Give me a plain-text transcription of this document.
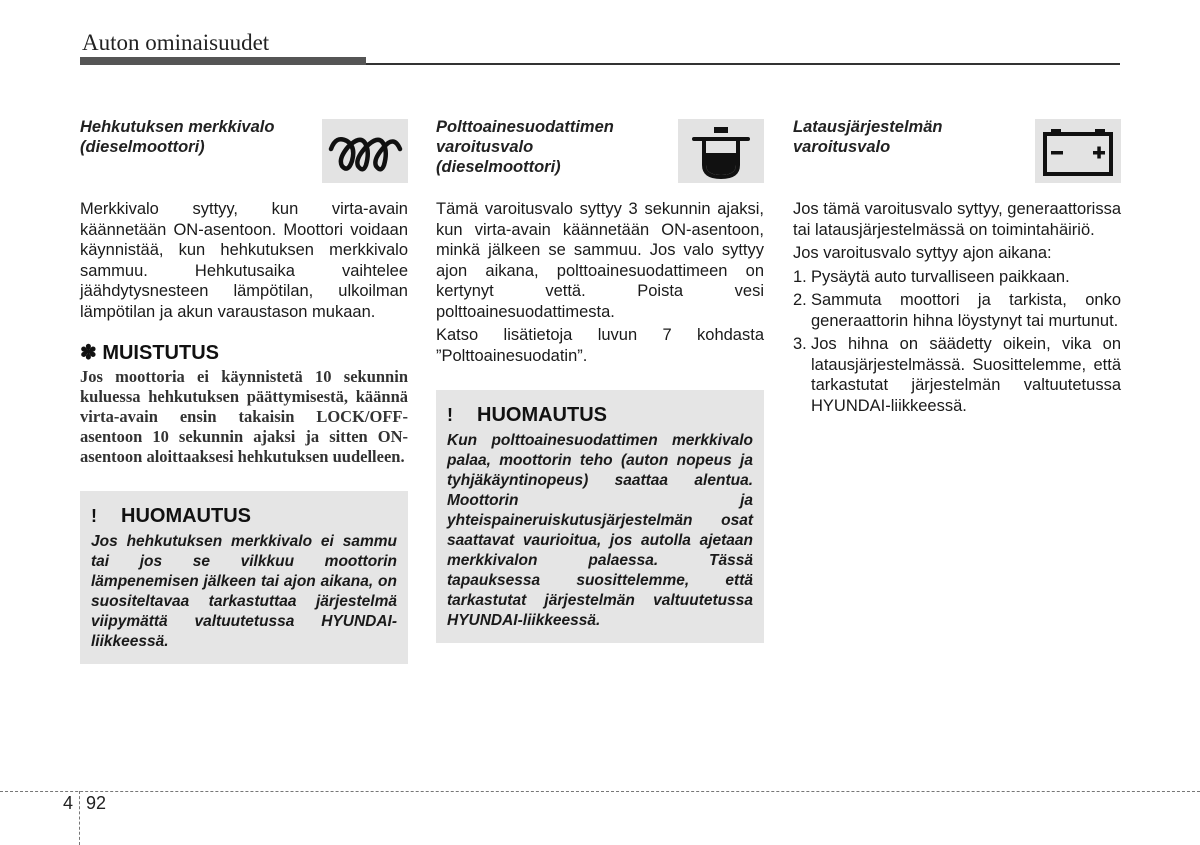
Auton ominaisuudet
Hehkutuksen merkkivalo (dieselmoottori)

Merkkivalo syttyy, kun virta-avain käännetään ON-asentoon. Moottori voidaan käynnistää, kun hehkutuksen merkkivalo sammuu. Hehkutusaika vaihtelee jäähdytysnesteen lämpötilan, ulkoilman lämpötilan ja akun varaustason mukaan.

✽ MUISTUTUS
Jos moottoria ei käynnistetä 10 sekunnin kuluessa hehkutuksen päättymisestä, käännä virta-avain ensin takaisin LOCK/OFF-asentoon 10 sekunnin ajaksi ja sitten ON-asentoon aloittaaksesi hehkutuksen uudelleen.
! HUOMAUTUS
Jos hehkutuksen merkkivalo ei sammu tai jos se vilkkuu moottorin lämpenemisen jälkeen tai ajon aikana, on suositeltavaa tarkastuttaa järjestelmä viipymättä valtuutetussa HYUNDAI-liikkeessä.
Polttoainesuodattimen varoitusvalo (dieselmoottori)

Tämä varoitusvalo syttyy 3 sekunnin ajaksi, kun virta-avain käännetään ON-asentoon, minkä jälkeen se sammuu. Jos valo syttyy ajon aikana, polttoainesuodattimeen on kertynyt vettä. Poista vesi polttoainesuodattimesta.

Katso lisätietoja luvun 7 kohdasta ”Polttoainesuodatin”.

! HUOMAUTUS
Kun polttoainesuodattimen merkkivalo palaa, moottorin teho (auton nopeus ja tyhjäkäyntinopeus) saattaa alentua. Moottorin ja yhteispaineruiskutusjärjestelmän osat saattavat vaurioitua, jos autolla ajetaan merkkivalon palaessa. Tässä tapauksessa suosittelemme, että tarkastutat järjestelmän valtuutetussa HYUNDAI-liikkeessä.
Latausjärjestelmän varoitusvalo

Jos tämä varoitusvalo syttyy, generaattorissa tai latausjärjestelmässä on toimintahäiriö.

Jos varoitusvalo syttyy ajon aikana:

1. Pysäytä auto turvalliseen paikkaan.
2. Sammuta moottori ja tarkista, onko generaattorin hihna löystynyt tai murtunut.
3. Jos hihna on säädetty oikein, vika on latausjärjestelmässä. Suosittelemme, että tarkastutat järjestelmän valtuutetussa HYUNDAI-liikkeessä.
4 92
